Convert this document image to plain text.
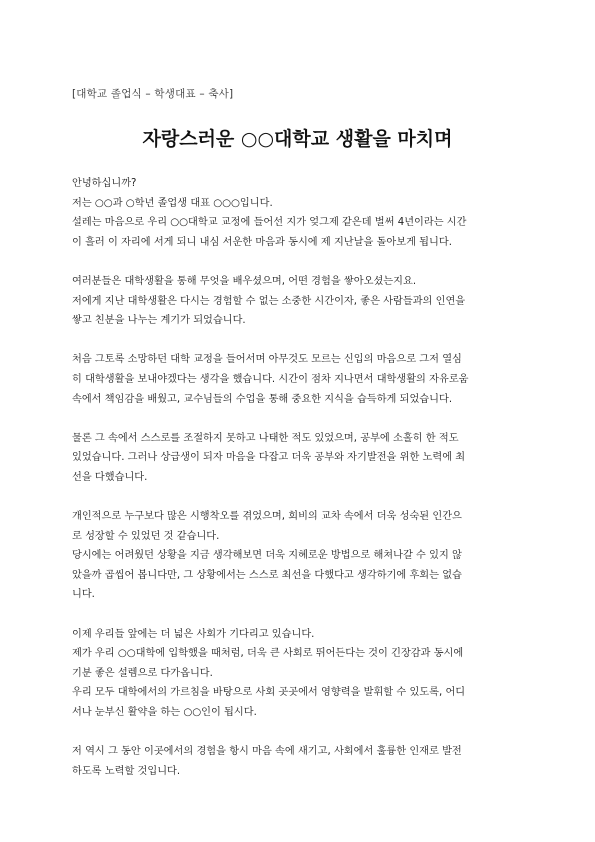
[대학교 졸업식 – 학생대표 – 축사]
자랑스러운 ○○대학교 생활을 마치며
안녕하십니까?
저는 ○○과 ○학년 졸업생 대표 ○○○입니다.
설레는 마음으로 우리 ○○대학교 교정에 들어선 지가 엊그제 같은데 벌써 4년이라는 시간
이 흘러 이 자리에 서게 되니 내심 서운한 마음과 동시에 제 지난날을 돌아보게 됩니다.
여러분들은 대학생활을 통해 무엇을 배우셨으며, 어떤 경험을 쌓아오셨는지요.
저에게 지난 대학생활은 다시는 경험할 수 없는 소중한 시간이자, 좋은 사람들과의 인연을
쌓고 친분을 나누는 계기가 되었습니다.
처음 그토록 소망하던 대학 교정을 들어서며 아무것도 모르는 신입의 마음으로 그저 열심
히 대학생활을 보내야겠다는 생각을 했습니다. 시간이 점차 지나면서 대학생활의 자유로움
속에서 책임감을 배웠고, 교수님들의 수업을 통해 중요한 지식을 습득하게 되었습니다.
물론 그 속에서 스스로를 조절하지 못하고 나태한 적도 있었으며, 공부에 소홀히 한 적도
있었습니다. 그러나 상급생이 되자 마음을 다잡고 더욱 공부와 자기발전을 위한 노력에 최
선을 다했습니다.
개인적으로 누구보다 많은 시행착오를 겪었으며, 희비의 교차 속에서 더욱 성숙된 인간으
로 성장할 수 있었던 것 같습니다.
당시에는 어려웠던 상황을 지금 생각해보면 더욱 지혜로운 방법으로 해쳐나갈 수 있지 않
았을까 곱씹어 봅니다만, 그 상황에서는 스스로 최선을 다했다고 생각하기에 후회는 없습
니다.
이제 우리들 앞에는 더 넓은 사회가 기다리고 있습니다.
제가 우리 ○○대학에 입학했을 때처럼, 더욱 큰 사회로 뛰어든다는 것이 긴장감과 동시에
기분 좋은 설렘으로 다가옵니다.
우리 모두 대학에서의 가르침을 바탕으로 사회 곳곳에서 영향력을 발휘할 수 있도록, 어디
서나 눈부신 활약을 하는 ○○인이 됩시다.
저 역시 그 동안 이곳에서의 경험을 항시 마음 속에 새기고, 사회에서 훌륭한 인재로 발전
하도록 노력할 것입니다.
